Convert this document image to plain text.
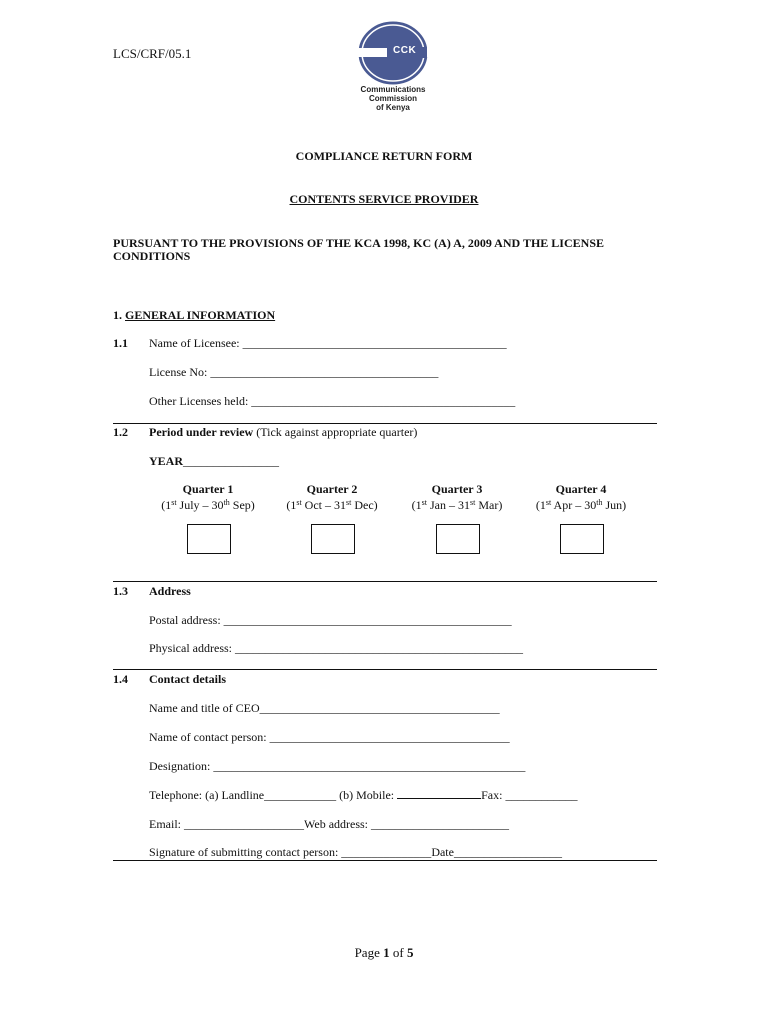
LCS/CRF/05.1	CCK
Communications
Commission
of Kenya
COMPLIANCE RETURN FORM
CONTENTS SERVICE PROVIDER
PURSUANT TO THE PROVISIONS OF THE KCA 1998, KC (A) A, 2009 AND THE LICENSE
CONDITIONS
1. GENERAL INFORMATION
1.1 Name of Licensee: ____________________________________________
License No: ______________________________________
Other Licenses held: ____________________________________________
1.2 Period under review (Tick against appropriate quarter)
YEAR________________
Quarter 1
(1st July – 30th Sep)
Quarter 2
(1st Oct – 31st Dec)
Quarter 3
(1st Jan – 31st Mar)
Quarter 4
(1st Apr – 30th Jun)
1.3 Address
Postal address: ________________________________________________
Physical address: ________________________________________________
1.4 Contact details
Name and title of CEO________________________________________
Name of contact person: ________________________________________
Designation: ____________________________________________________
Telephone: (a) Landline____________ (b) Mobile:	Fax: ____________
Email: ____________________Web address: _______________________
Signature of submitting contact person: _______________Date__________________
Page 1 of 5
